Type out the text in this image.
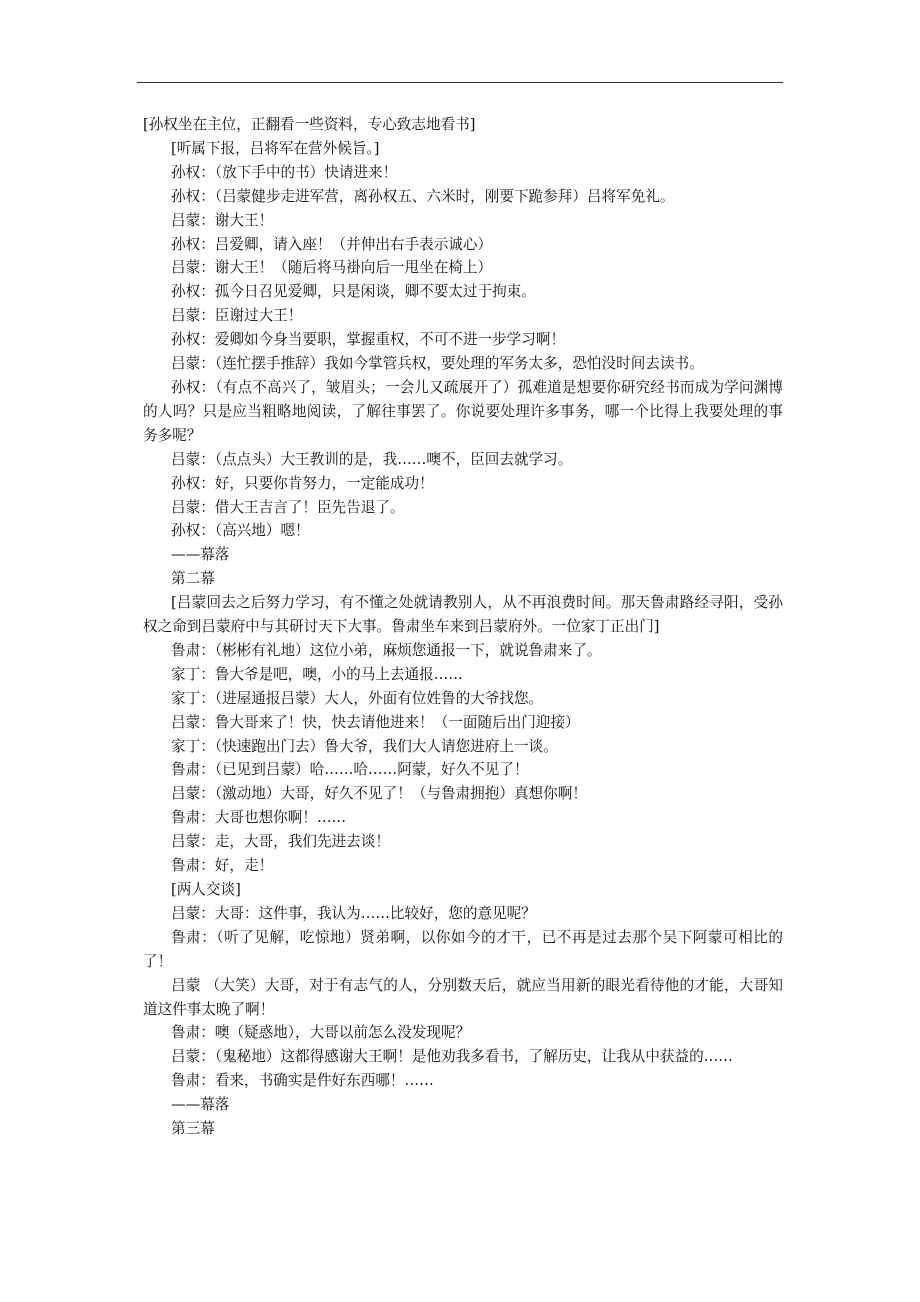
[孙权坐在主位，正翻看一些资料，专心致志地看书]
[听属下报，吕将军在营外候旨。]
孙权：（放下手中的书）快请进来！
孙权：（吕蒙健步走进军营，离孙权五、六米时，刚要下跪参拜）吕将军免礼。
吕蒙：谢大王！
孙权：吕爱卿，请入座！（并伸出右手表示诚心）
吕蒙：谢大王！（随后将马褂向后一甩坐在椅上）
孙权：孤今日召见爱卿，只是闲谈，卿不要太过于拘束。
吕蒙：臣谢过大王！
孙权：爱卿如今身当要职，掌握重权，不可不进一步学习啊！
吕蒙：（连忙摆手推辞）我如今掌管兵权，要处理的军务太多，恐怕没时间去读书。

孙权：（有点不高兴了，皱眉头；一会儿又疏展开了）孤难道是想要你研究经书而成为学问渊博的人吗？只是应当粗略地阅读，了解往事罢了。你说要处理许多事务，哪一个比得上我要处理的事务多呢？

吕蒙：（点点头）大王教训的是，我……噢不，臣回去就学习。
孙权：好，只要你肯努力，一定能成功！
吕蒙：借大王吉言了！臣先告退了。
孙权：（高兴地）嗯！
——幕落
第二幕

[吕蒙回去之后努力学习，有不懂之处就请教别人，从不再浪费时间。那天鲁肃路经寻阳，受孙权之命到吕蒙府中与其研讨天下大事。鲁肃坐车来到吕蒙府外。一位家丁正出门]

鲁肃：（彬彬有礼地）这位小弟，麻烦您通报一下，就说鲁肃来了。
家丁：鲁大爷是吧，噢，小的马上去通报……
家丁：（进屋通报吕蒙）大人，外面有位姓鲁的大爷找您。
吕蒙：鲁大哥来了！快，快去请他进来！（一面随后出门迎接）
家丁：（快速跑出门去）鲁大爷，我们大人请您进府上一谈。
鲁肃：（已见到吕蒙）哈……哈……阿蒙，好久不见了！
吕蒙：（激动地）大哥，好久不见了！（与鲁肃拥抱）真想你啊！
鲁肃：大哥也想你啊！……
吕蒙：走，大哥，我们先进去谈！
鲁肃：好，走！
[两人交谈]
吕蒙：大哥：这件事，我认为……比较好，您的意见呢？

鲁肃：（听了见解，吃惊地）贤弟啊，以你如今的才干，已不再是过去那个吴下阿蒙可相比的了！

吕蒙 （大笑）大哥，对于有志气的人，分别数天后，就应当用新的眼光看待他的才能，大哥知道这件事太晚了啊！

鲁肃：噢（疑惑地），大哥以前怎么没发现呢？

吕蒙：（鬼秘地）这都得感谢大王啊！是他劝我多看书，了解历史，让我从中获益的……

鲁肃：看来，书确实是件好东西哪！……
——幕落
第三幕
